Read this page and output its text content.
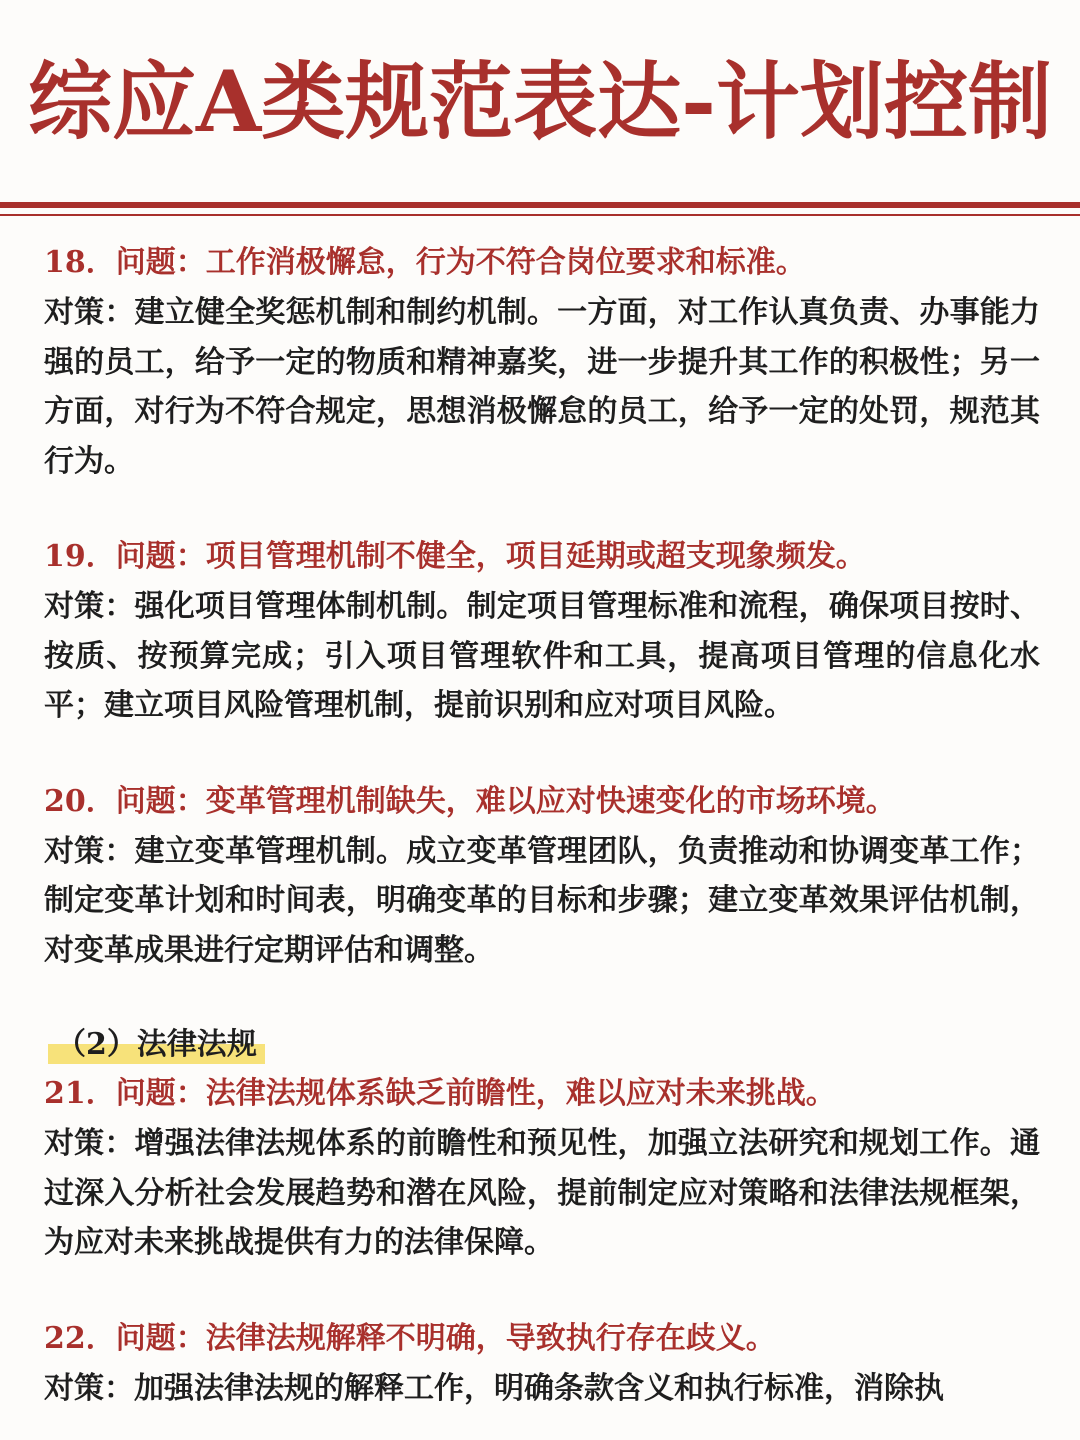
综应A类规范表达-计划控制
18．问题：工作消极懈怠，行为不符合岗位要求和标准。
对策：建立健全奖惩机制和制约机制。一方面，对工作认真负责、办事能力强的员工，给予一定的物质和精神嘉奖，进一步提升其工作的积极性；另一方面，对行为不符合规定，思想消极懈怠的员工，给予一定的处罚，规范其行为。
19．问题：项目管理机制不健全，项目延期或超支现象频发。
对策：强化项目管理体制机制。制定项目管理标准和流程，确保项目按时、按质、按预算完成；引入项目管理软件和工具，提高项目管理的信息化水平；建立项目风险管理机制，提前识别和应对项目风险。
20．问题：变革管理机制缺失，难以应对快速变化的市场环境。
对策：建立变革管理机制。成立变革管理团队，负责推动和协调变革工作；制定变革计划和时间表，明确变革的目标和步骤；建立变革效果评估机制，对变革成果进行定期评估和调整。
（2）法律法规
21．问题：法律法规体系缺乏前瞻性，难以应对未来挑战。
对策：增强法律法规体系的前瞻性和预见性，加强立法研究和规划工作。通过深入分析社会发展趋势和潜在风险，提前制定应对策略和法律法规框架，为应对未来挑战提供有力的法律保障。
22．问题：法律法规解释不明确，导致执行存在歧义。
对策：加强法律法规的解释工作，明确条款含义和执行标准，消除执
